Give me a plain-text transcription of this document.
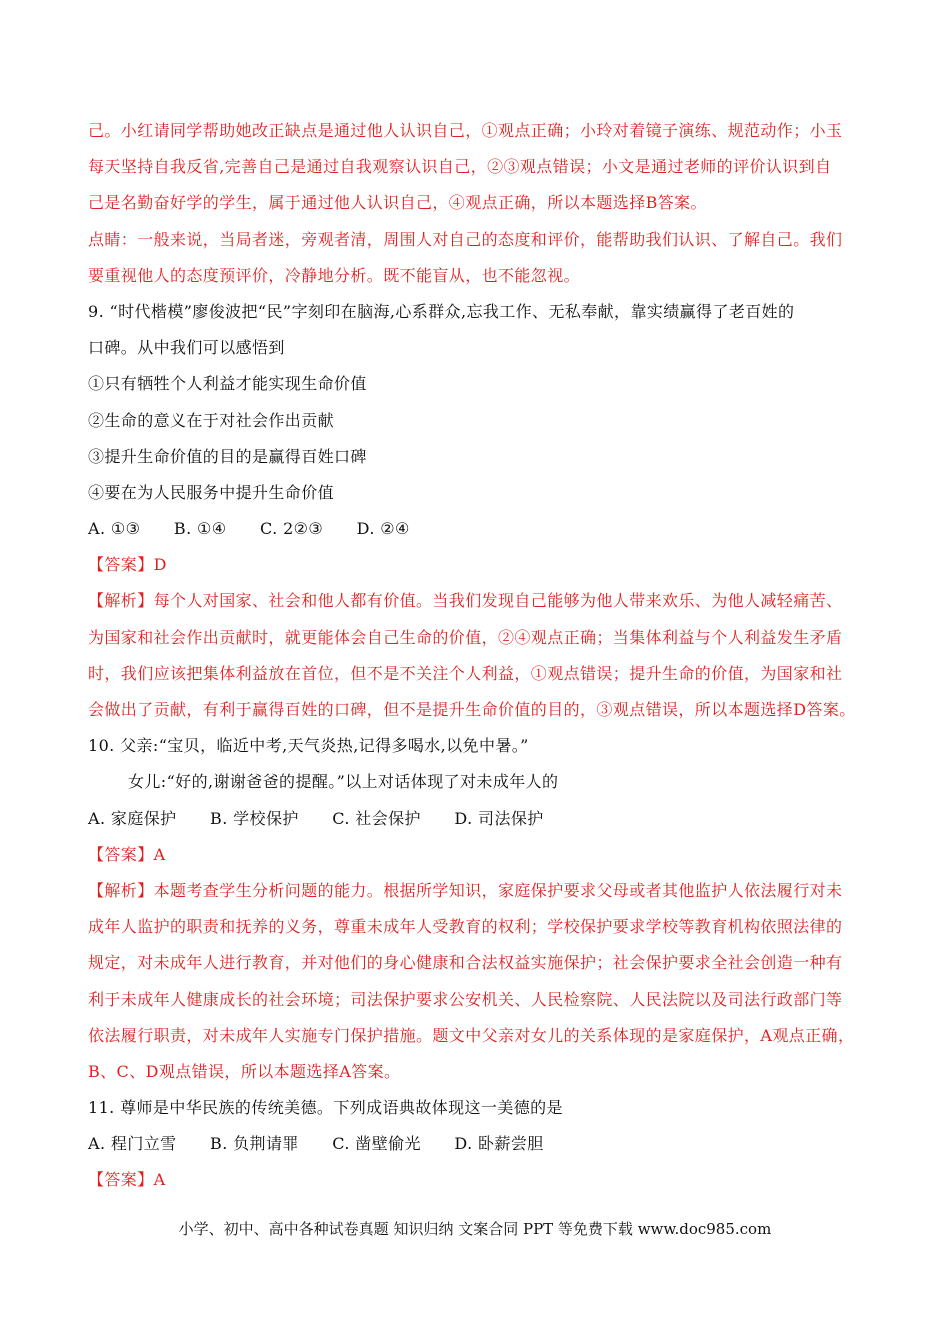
己。小红请同学帮助她改正缺点是通过他人认识自己，①观点正确；小玲对着镜子演练、规范动作；小玉
每天坚持自我反省,完善自己是通过自我观察认识自己，②③观点错误；小文是通过老师的评价认识到自
己是名勤奋好学的学生，属于通过他人认识自己，④观点正确，所以本题选择B答案。
点睛：一般来说，当局者迷，旁观者清，周围人对自己的态度和评价，能帮助我们认识、了解自己。我们
要重视他人的态度预评价，冷静地分析。既不能盲从，也不能忽视。
9. “时代楷模”廖俊波把“民”字刻印在脑海,心系群众,忘我工作、无私奉献，靠实绩赢得了老百姓的
口碑。从中我们可以感悟到
①只有牺牲个人利益才能实现生命价值
②生命的意义在于对社会作出贡献
③提升生命价值的目的是赢得百姓口碑
④要在为人民服务中提升生命价值
A. ①③ B. ①④ C. 2②③ D. ②④
【答案】D
【解析】每个人对国家、社会和他人都有价值。当我们发现自己能够为他人带来欢乐、为他人减轻痛苦、
为国家和社会作出贡献时，就更能体会自己生命的价值，②④观点正确；当集体利益与个人利益发生矛盾
时，我们应该把集体利益放在首位，但不是不关注个人利益，①观点错误；提升生命的价值，为国家和社
会做出了贡献，有利于赢得百姓的口碑，但不是提升生命价值的目的，③观点错误，所以本题选择D答案。
10. 父亲:“宝贝，临近中考,天气炎热,记得多喝水,以免中暑。”
女儿:“好的,谢谢爸爸的提醒。”以上对话体现了对未成年人的
A. 家庭保护 B. 学校保护 C. 社会保护 D. 司法保护
【答案】A
【解析】本题考查学生分析问题的能力。根据所学知识，家庭保护要求父母或者其他监护人依法履行对未
成年人监护的职责和抚养的义务，尊重未成年人受教育的权利；学校保护要求学校等教育机构依照法律的
规定，对未成年人进行教育，并对他们的身心健康和合法权益实施保护；社会保护要求全社会创造一种有
利于未成年人健康成长的社会环境；司法保护要求公安机关、人民检察院、人民法院以及司法行政部门等
依法履行职责，对未成年人实施专门保护措施。题文中父亲对女儿的关系体现的是家庭保护，A观点正确，
B、C、D观点错误，所以本题选择A答案。
11. 尊师是中华民族的传统美德。下列成语典故体现这一美德的是
A. 程门立雪 B. 负荆请罪 C. 凿壁偷光 D. 卧薪尝胆
【答案】A
小学、初中、高中各种试卷真题 知识归纳 文案合同 PPT 等免费下载 www.doc985.com
